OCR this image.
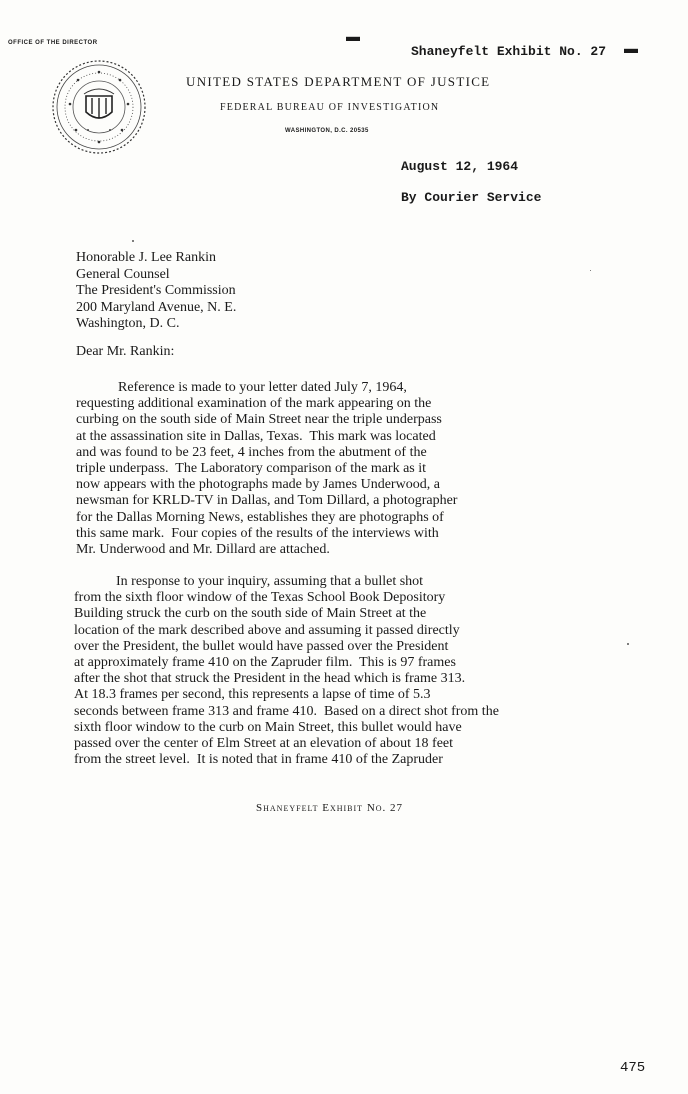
OFFICE OF THE DIRECTOR	▬
▬
Shaneyfelt Exhibit No. 27
UNITED STATES DEPARTMENT OF JUSTICE
FEDERAL BUREAU OF INVESTIGATION
WASHINGTON, D.C. 20535
August 12, 1964
By Courier Service
Honorable J. Lee Rankin
General Counsel
The President's Commission
200 Maryland Avenue, N. E.
Washington, D. C.
Dear Mr. Rankin:
Reference is made to your letter dated July 7, 1964,
requesting additional examination of the mark appearing on the
curbing on the south side of Main Street near the triple underpass
at the assassination site in Dallas, Texas.  This mark was located
and was found to be 23 feet, 4 inches from the abutment of the
triple underpass.  The Laboratory comparison of the mark as it
now appears with the photographs made by James Underwood, a
newsman for KRLD-TV in Dallas, and Tom Dillard, a photographer
for the Dallas Morning News, establishes they are photographs of
this same mark.  Four copies of the results of the interviews with
Mr. Underwood and Mr. Dillard are attached.
In response to your inquiry, assuming that a bullet shot
from the sixth floor window of the Texas School Book Depository
Building struck the curb on the south side of Main Street at the
location of the mark described above and assuming it passed directly
over the President, the bullet would have passed over the President
at approximately frame 410 on the Zapruder film.  This is 97 frames
after the shot that struck the President in the head which is frame 313.
At 18.3 frames per second, this represents a lapse of time of 5.3
seconds between frame 313 and frame 410.  Based on a direct shot from the
sixth floor window to the curb on Main Street, this bullet would have
passed over the center of Elm Street at an elevation of about 18 feet
from the street level.  It is noted that in frame 410 of the Zapruder
Shaneyfelt Exhibit No. 27
475
